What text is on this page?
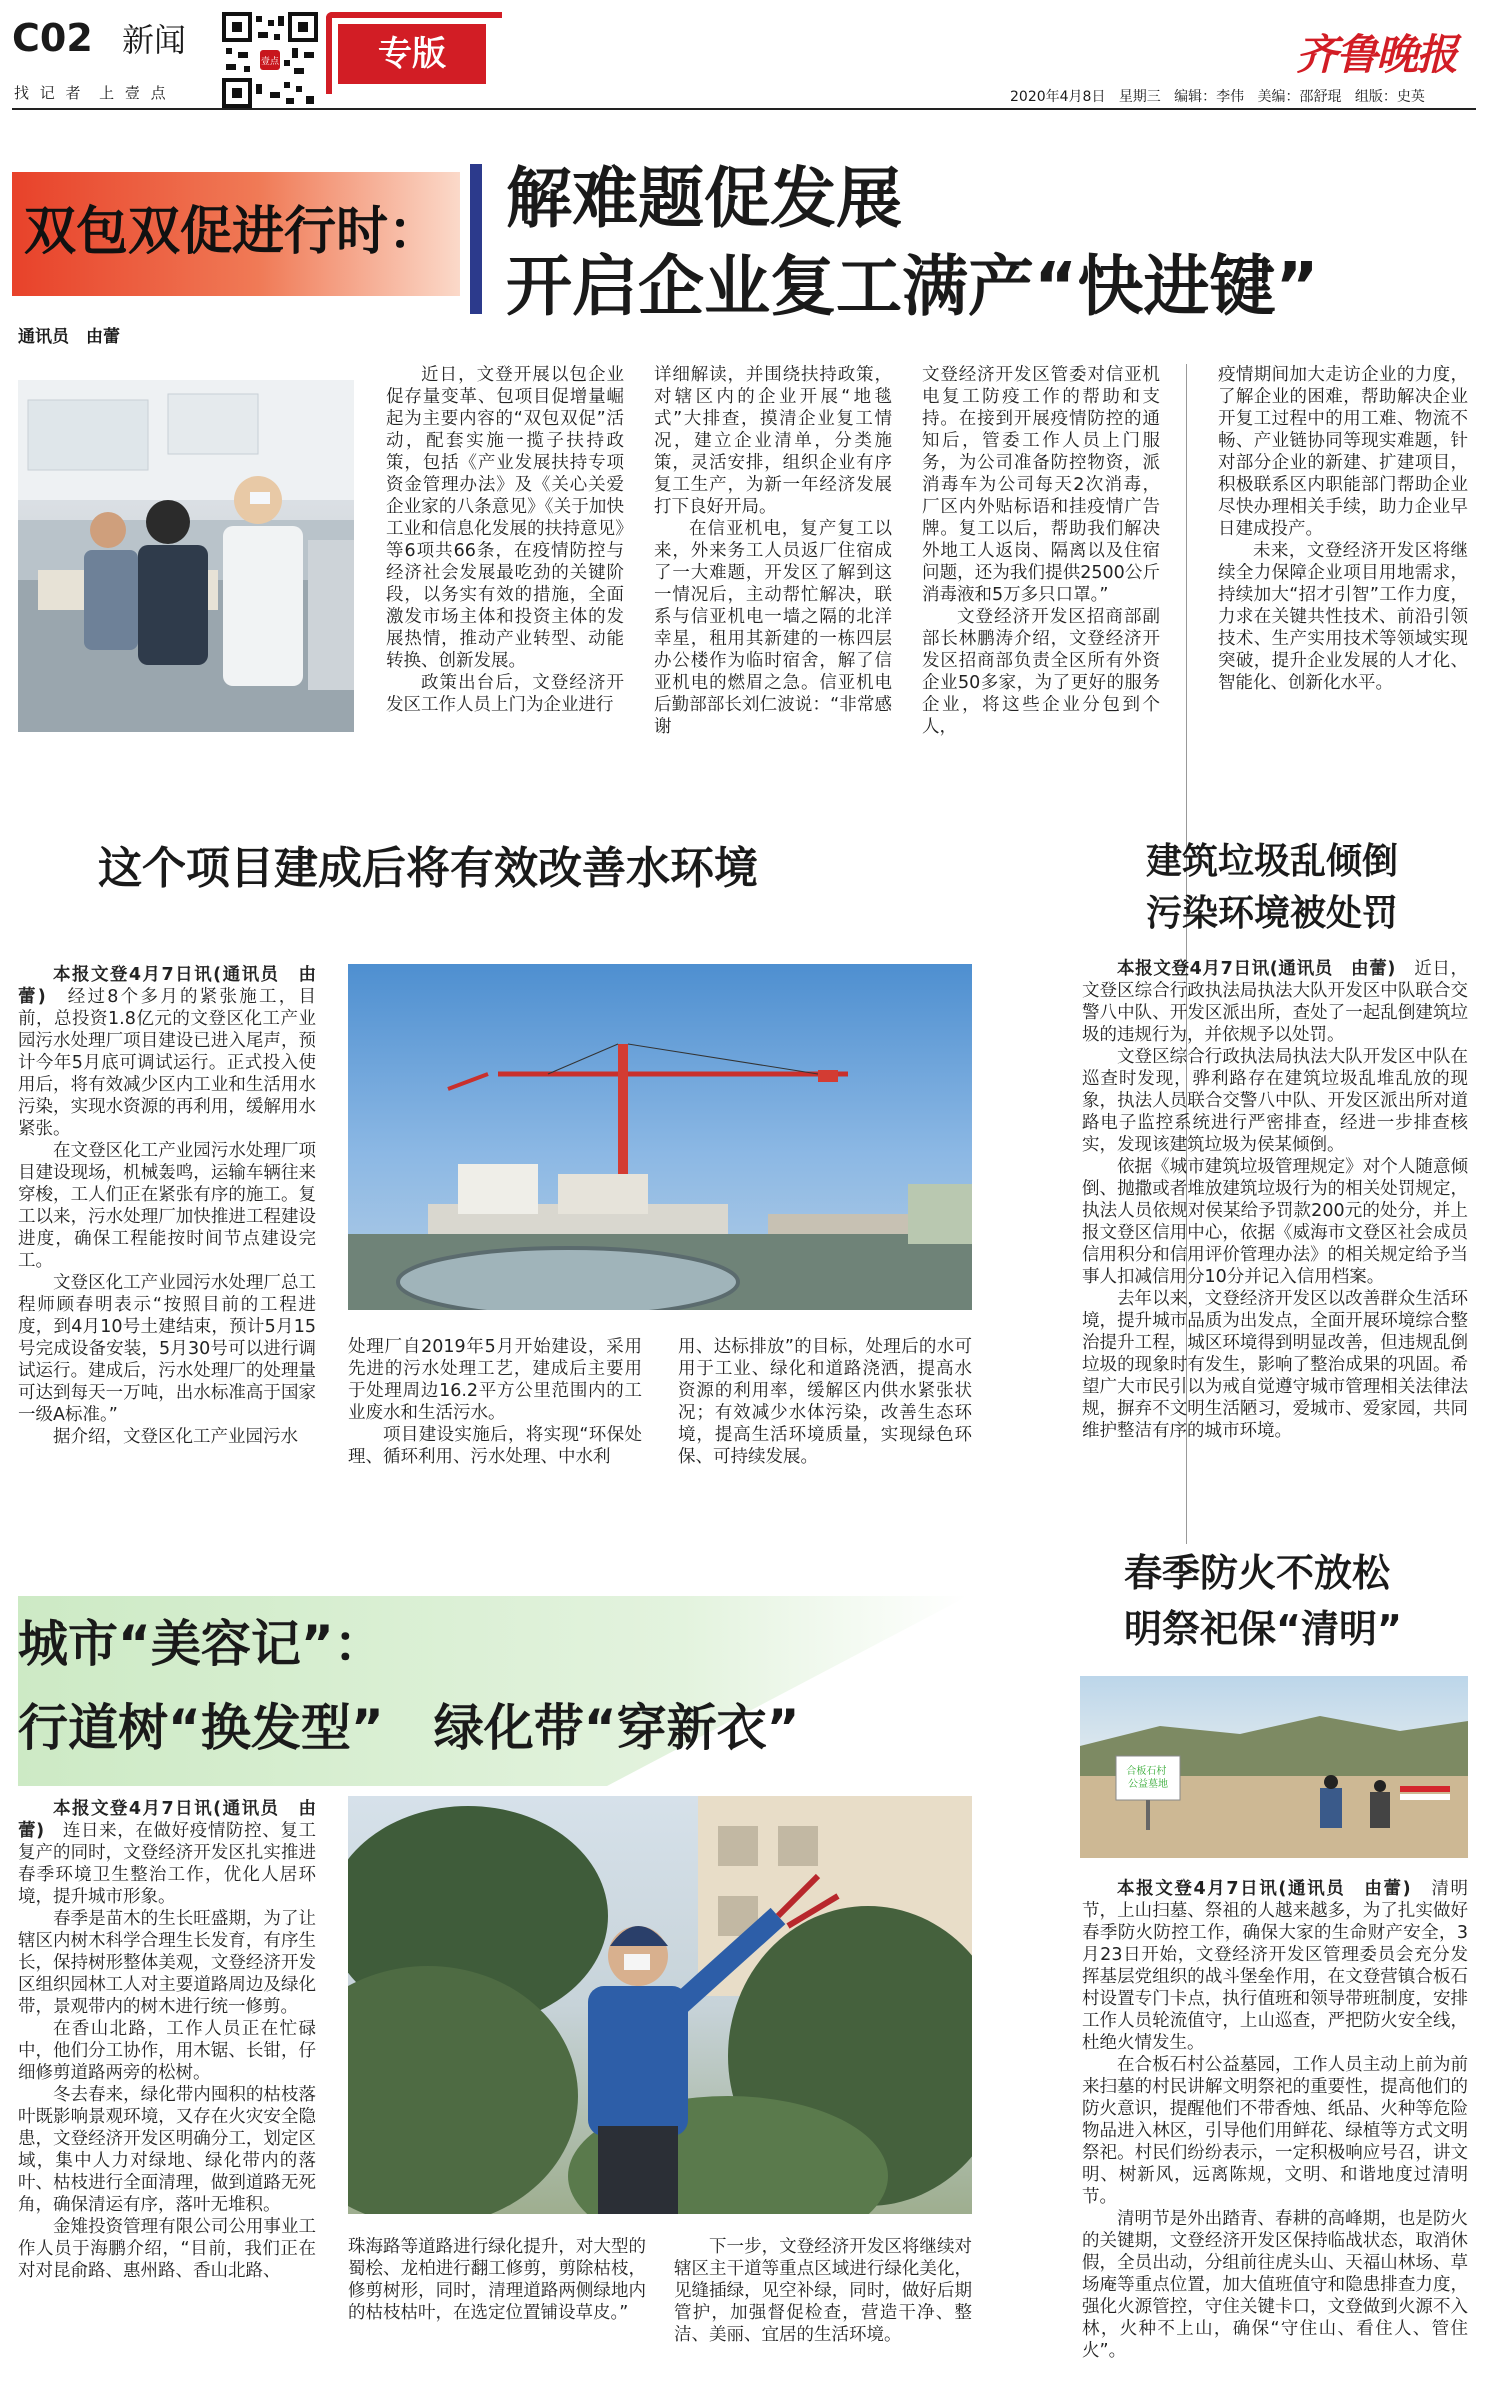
C02 新闻
找 记 者  上 壹 点
壹点	专版	齐鲁晚报
2020年4月8日 星期三 编辑：李伟 美编：邵舒琨 组版：史英
双包双促进行时： 解难题促发展
开启企业复工满产“快进键”
通讯员　由蕾

近日，文登开展以包企业促存量变革、包项目促增量崛起为主要内容的“双包双促”活动，配套实施一揽子扶持政策，包括《产业发展扶持专项资金管理办法》及《关心关爱企业家的八条意见》《关于加快工业和信息化发展的扶持意见》等6项共66条，在疫情防控与经济社会发展最吃劲的关键阶段，以务实有效的措施，全面激发市场主体和投资主体的发展热情，推动产业转型、动能转换、创新发展。

政策出台后，文登经济开发区工作人员上门为企业进行

详细解读，并围绕扶持政策，对辖区内的企业开展“地毯式”大排查，摸清企业复工情况，建立企业清单，分类施策，灵活安排，组织企业有序复工生产，为新一年经济发展打下良好开局。

在信亚机电，复产复工以来，外来务工人员返厂住宿成了一大难题，开发区了解到这一情况后，主动帮忙解决，联系与信亚机电一墙之隔的北洋幸星，租用其新建的一栋四层办公楼作为临时宿舍，解了信亚机电的燃眉之急。信亚机电后勤部部长刘仁波说：“非常感谢

文登经济开发区管委对信亚机电复工防疫工作的帮助和支持。在接到开展疫情防控的通知后，管委工作人员上门服务，为公司准备防控物资，派消毒车为公司每天2次消毒，厂区内外贴标语和挂疫情广告牌。复工以后，帮助我们解决外地工人返岗、隔离以及住宿问题，还为我们提供2500公斤消毒液和5万多只口罩。”

文登经济开发区招商部副部长林鹏涛介绍，文登经济开发区招商部负责全区所有外资企业50多家，为了更好的服务企业，将这些企业分包到个人，

疫情期间加大走访企业的力度，了解企业的困难，帮助解决企业开复工过程中的用工难、物流不畅、产业链协同等现实难题，针对部分企业的新建、扩建项目，积极联系区内职能部门帮助企业尽快办理相关手续，助力企业早日建成投产。

未来，文登经济开发区将继续全力保障企业项目用地需求，持续加大“招才引智”工作力度，力求在关键共性技术、前沿引领技术、生产实用技术等领域实现突破，提升企业发展的人才化、智能化、创新化水平。

这个项目建成后将有效改善水环境

本报文登4月7日讯(通讯员　由蕾)　 经过8个多月的紧张施工，目前，总投资1.8亿元的文登区化工产业园污水处理厂项目建设已进入尾声，预计今年5月底可调试运行。正式投入使用后，将有效减少区内工业和生活用水污染，实现水资源的再利用，缓解用水紧张。

在文登区化工产业园污水处理厂项目建设现场，机械轰鸣，运输车辆往来穿梭，工人们正在紧张有序的施工。复工以来，污水处理厂加快推进工程建设进度，确保工程能按时间节点建设完工。

文登区化工产业园污水处理厂总工程师顾春明表示“按照目前的工程进度，到4月10号土建结束，预计5月15号完成设备安装，5月30号可以进行调试运行。建成后，污水处理厂的处理量可达到每天一万吨，出水标准高于国家一级A标准。”

据介绍，文登区化工产业园污水

处理厂自2019年5月开始建设，采用先进的污水处理工艺，建成后主要用于处理周边16.2平方公里范围内的工业废水和生活污水。

项目建设实施后，将实现“环保处理、循环利用、污水处理、中水利

用、达标排放”的目标，处理后的水可用于工业、绿化和道路浇洒，提高水资源的利用率，缓解区内供水紧张状况；有效减少水体污染，改善生态环境，提高生活环境质量，实现绿色环保、可持续发展。

建筑垃圾乱倾倒
污染环境被处罚

本报文登4月7日讯(通讯员　由蕾)　 近日，文登区综合行政执法局执法大队开发区中队联合交警八中队、开发区派出所，查处了一起乱倒建筑垃圾的违规行为，并依规予以处罚。

文登区综合行政执法局执法大队开发区中队在巡查时发现，骅利路存在建筑垃圾乱堆乱放的现象，执法人员联合交警八中队、开发区派出所对道路电子监控系统进行严密排查，经进一步排查核实，发现该建筑垃圾为侯某倾倒。

依据《城市建筑垃圾管理规定》对个人随意倾倒、抛撒或者堆放建筑垃圾行为的相关处罚规定，执法人员依规对侯某给予罚款200元的处分，并上报文登区信用中心，依据《威海市文登区社会成员信用积分和信用评价管理办法》的相关规定给予当事人扣减信用分10分并记入信用档案。

去年以来，文登经济开发区以改善群众生活环境，提升城市品质为出发点，全面开展环境综合整治提升工程，城区环境得到明显改善，但违规乱倒垃圾的现象时有发生，影响了整治成果的巩固。希望广大市民引以为戒自觉遵守城市管理相关法律法规，摒弃不文明生活陋习，爱城市、爱家园，共同维护整洁有序的城市环境。

城市“美容记”：
行道树“换发型”　绿化带“穿新衣”

本报文登4月7日讯(通讯员　由蕾)　 连日来，在做好疫情防控、复工复产的同时，文登经济开发区扎实推进春季环境卫生整治工作，优化人居环境，提升城市形象。

春季是苗木的生长旺盛期，为了让辖区内树木科学合理生长发育，有序生长，保持树形整体美观，文登经济开发区组织园林工人对主要道路周边及绿化带，景观带内的树木进行统一修剪。

在香山北路，工作人员正在忙碌中，他们分工协作，用木锯、长钳，仔细修剪道路两旁的松树。

冬去春来，绿化带内囤积的枯枝落叶既影响景观环境，又存在火灾安全隐患，文登经济开发区明确分工，划定区域，集中人力对绿地、绿化带内的落叶、枯枝进行全面清理，做到道路无死角，确保清运有序，落叶无堆积。

金雉投资管理有限公司公用事业工作人员于海鹏介绍，“目前，我们正在对对昆俞路、惠州路、香山北路、

珠海路等道路进行绿化提升，对大型的蜀桧、龙柏进行翻工修剪，剪除枯枝，修剪树形，同时，清理道路两侧绿地内的枯枝枯叶，在选定位置铺设草皮。”

下一步，文登经济开发区将继续对辖区主干道等重点区域进行绿化美化，见缝插绿，见空补绿，同时，做好后期管护，加强督促检查，营造干净、整洁、美丽、宜居的生活环境。

春季防火不放松
明祭祀保“清明”
合板石村 公益墓地

本报文登4月7日讯(通讯员　由蕾)　 清明节，上山扫墓、祭祖的人越来越多，为了扎实做好春季防火防控工作，确保大家的生命财产安全，3月23日开始，文登经济开发区管理委员会充分发挥基层党组织的战斗堡垒作用，在文登营镇合板石村设置专门卡点，执行值班和领导带班制度，安排工作人员轮流值守，上山巡查，严把防火安全线，杜绝火情发生。

在合板石村公益墓园，工作人员主动上前为前来扫墓的村民讲解文明祭祀的重要性，提高他们的防火意识，提醒他们不带香烛、纸品、火种等危险物品进入林区，引导他们用鲜花、绿植等方式文明祭祀。村民们纷纷表示，一定积极响应号召，讲文明、树新风，远离陈规，文明、和谐地度过清明节。

清明节是外出踏青、春耕的高峰期，也是防火的关键期，文登经济开发区保持临战状态，取消休假，全员出动，分组前往虎头山、天福山林场、草场庵等重点位置，加大值班值守和隐患排查力度，强化火源管控，守住关键卡口，文登做到火源不入林，火种不上山，确保“守住山、看住人、管住火”。
